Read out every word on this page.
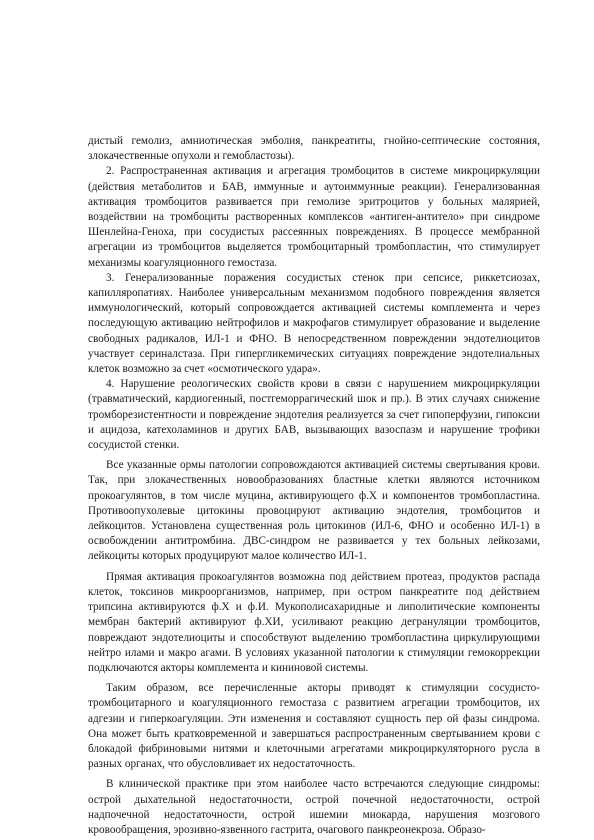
дистый гемолиз, амниотическая эмболия, панкреатиты, гнойно-септические состояния, злокачественные опухоли и гемобластозы).

2. Распространенная активация и агрегация тромбоцитов в системе микроциркуляции (действия метаболитов и БАВ, иммунные и аутоиммунные реакции). Генерализованная активация тромбоцитов развивается при гемолизе эритроцитов у больных малярией, воздействии на тромбоциты растворенных комплексов «антиген-антитело» при синдроме Шенлейна-Геноха, при сосудистых рассеянных повреждениях. В процессе мембранной агрегации из тромбоцитов выделяется тромбоцитарный тромбопластин, что стимулирует механизмы коагуляционного гемостаза.

3. Генерализованные поражения сосудистых стенок при сепсисе, риккетсиозах, капилляропатиях. Наиболее универсальным механизмом подобного повреждения является иммунологический, который сопровождается активацией системы комплемента и через последующую активацию нейтрофилов и макрофагов стимулирует образование и выделение свободных радикалов, ИЛ-1 и ФНО. В непосредственном повреждении эндотелиоцитов участвует сериналстаза. При гипергликемических ситуациях повреждение эндотелиальных клеток возможно за счет «осмотического удара».

4. Нарушение реологических свойств крови в связи с нарушением микроциркуляции (травматический, кардиогенный, постгеморрагический шок и пр.). В этих случаях снижение тромборезистентности и повреждение эндотелия реализуется за счет гипоперфузии, гипоксии и ацидоза, катехоламинов и других БАВ, вызывающих вазоспазм и нарушение трофики сосудистой стенки.

Все указанные ормы патологии сопровождаются активацией системы свертывания крови. Так, при злокачественных новообразованиях бластные клетки являются источником прокоагулянтов, в том числе муцина, активирующего ф.Х и компонентов тромбопластина. Противоопухолевые цитокины провоцируют активацию эндотелия, тромбоцитов и лейкоцитов. Установлена существенная роль цитокинов (ИЛ-6, ФНО и особенно ИЛ-1) в освобождении антитромбина. ДВС-синдром не развивается у тех больных лейкозами, лейкоциты которых продуцируют малое количество ИЛ-1.

Прямая активация прокоагулянтов возможна под действием протеаз, продуктов распада клеток, токсинов микроорганизмов, например, при остром панкреатите под действием трипсина активируются ф.Х и ф.И. Мукополисахаридные и липолитические компоненты мембран бактерий активируют ф.ХИ, усиливают реакцию дегрануляции тромбоцитов, повреждают эндотелиоциты и способствуют выделению тромбопластина циркулирующими нейтро илами и макро агами. В условиях указанной патологии к стимуляции гемокоррекции подключаются акторы комплемента и кининовой системы.

Таким образом, все перечисленные акторы приводят к стимуляции сосудисто-тромбоцитарного и коагуляционного гемостаза с развитием агрегации тромбоцитов, их адгезии и гиперкоагуляции. Эти изменения и составляют сущность пер ой фазы синдрома. Она может быть кратковременной и завершаться распространенным свертыванием крови с блокадой фибриновыми нитями и клеточными агрегатами микроциркуляторного русла в разных органах, что обусловливает их недостаточность.

В клинической практике при этом наиболее часто встречаются следующие синдромы: острой дыхательной недостаточности, острой почечной недостаточности, острой надпочечной недостаточности, острой ишемии миокарда, нарушения мозгового кровообращения, эрозивно-язвенного гастрита, очагового панкреонекроза. Образо-
